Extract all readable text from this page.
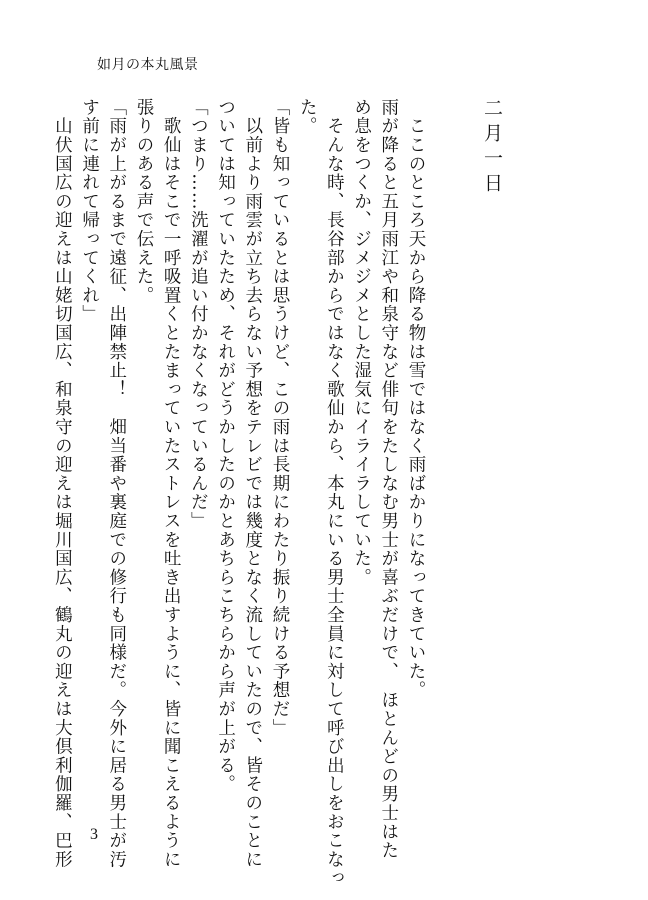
如月の本丸風景
二月一日

　ここのところ天から降る物は雪ではなく雨ばかりになってきていた。

雨が降ると五月雨江や和泉守など俳句をたしなむ男士が喜ぶだけで、　ほとんどの男士はた

め息をつくか、ジメジメとした湿気にイライラしていた。

　そんな時、長谷部からではなく歌仙から、本丸にいる男士全員に対して呼び出しをおこなっ

た。

「皆も知っているとは思うけど、この雨は長期にわたり振り続ける予想だ」

　以前より雨雲が立ち去らない予想をテレビでは幾度となく流していたので、皆そのことに

ついては知っていたため、それがどうかしたのかとあちらこちらから声が上がる。

「つまり……洗濯が追い付かなくなっているんだ」

　歌仙はそこで一呼吸置くとたまっていたストレスを吐き出すように、皆に聞こえるように

張りのある声で伝えた。

「雨が上がるまで遠征、出陣禁止！　畑当番や裏庭での修行も同様だ。今外に居る男士が汚

す前に連れて帰ってくれ」

　山伏国広の迎えは山姥切国広、和泉守の迎えは堀川国広、鶴丸の迎えは大倶利伽羅、巴形 3
